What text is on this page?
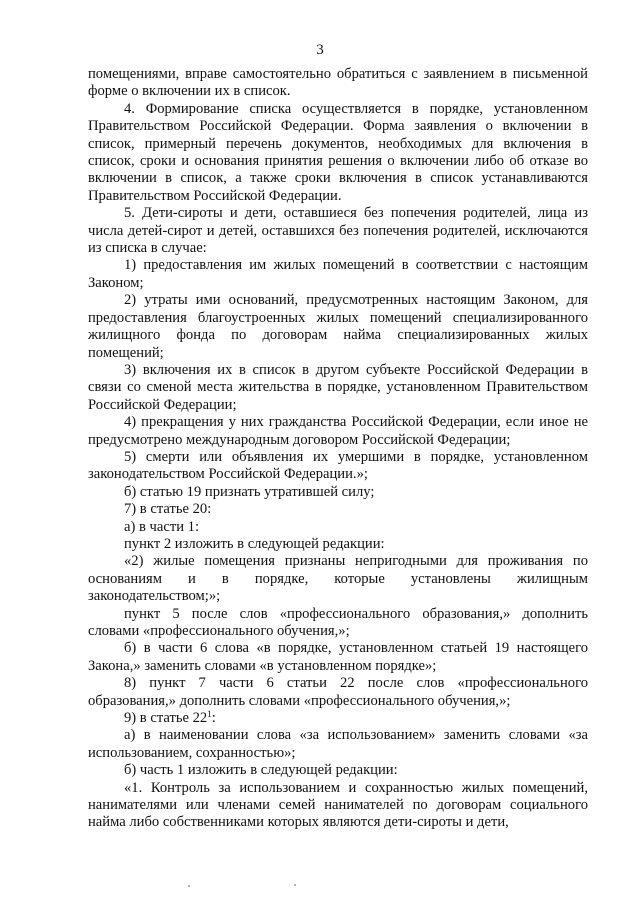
3

помещениями, вправе самостоятельно обратиться с заявлением в письменной форме о включении их в список.

4. Формирование списка осуществляется в порядке, установленном Правительством Российской Федерации. Форма заявления о включении в список, примерный перечень документов, необходимых для включения в список, сроки и основания принятия решения о включении либо об отказе во включении в список, а также сроки включения в список устанавливаются Правительством Российской Федерации.

5. Дети-сироты и дети, оставшиеся без попечения родителей, лица из числа детей-сирот и детей, оставшихся без попечения родителей, исключаются из списка в случае:

1) предоставления им жилых помещений в соответствии с настоящим Законом;

2) утраты ими оснований, предусмотренных настоящим Законом, для предоставления благоустроенных жилых помещений специализированного жилищного фонда по договорам найма специализированных жилых помещений;

3) включения их в список в другом субъекте Российской Федерации в связи со сменой места жительства в порядке, установленном Правительством Российской Федерации;

4) прекращения у них гражданства Российской Федерации, если иное не предусмотрено международным договором Российской Федерации;

5) смерти или объявления их умершими в порядке, установленном законодательством Российской Федерации.»;

б) статью 19 признать утратившей силу;

7) в статье 20:

а) в части 1:

пункт 2 изложить в следующей редакции:

«2) жилые помещения признаны непригодными для проживания по основаниям и в порядке, которые установлены жилищным законодательством;»;

пункт 5 после слов «профессионального образования,» дополнить словами «профессионального обучения,»;

б) в части 6 слова «в порядке, установленном статьей 19 настоящего Закона,» заменить словами «в установленном порядке»;

8) пункт 7 части 6 статьи 22 после слов «профессионального образования,» дополнить словами «профессионального обучения,»;

9) в статье $22^1$:

а) в наименовании слова «за использованием» заменить словами «за использованием, сохранностью»;

б) часть 1 изложить в следующей редакции:

«1. Контроль за использованием и сохранностью жилых помещений, нанимателями или членами семей нанимателей по договорам социального найма либо собственниками которых являются дети-сироты и дети,
